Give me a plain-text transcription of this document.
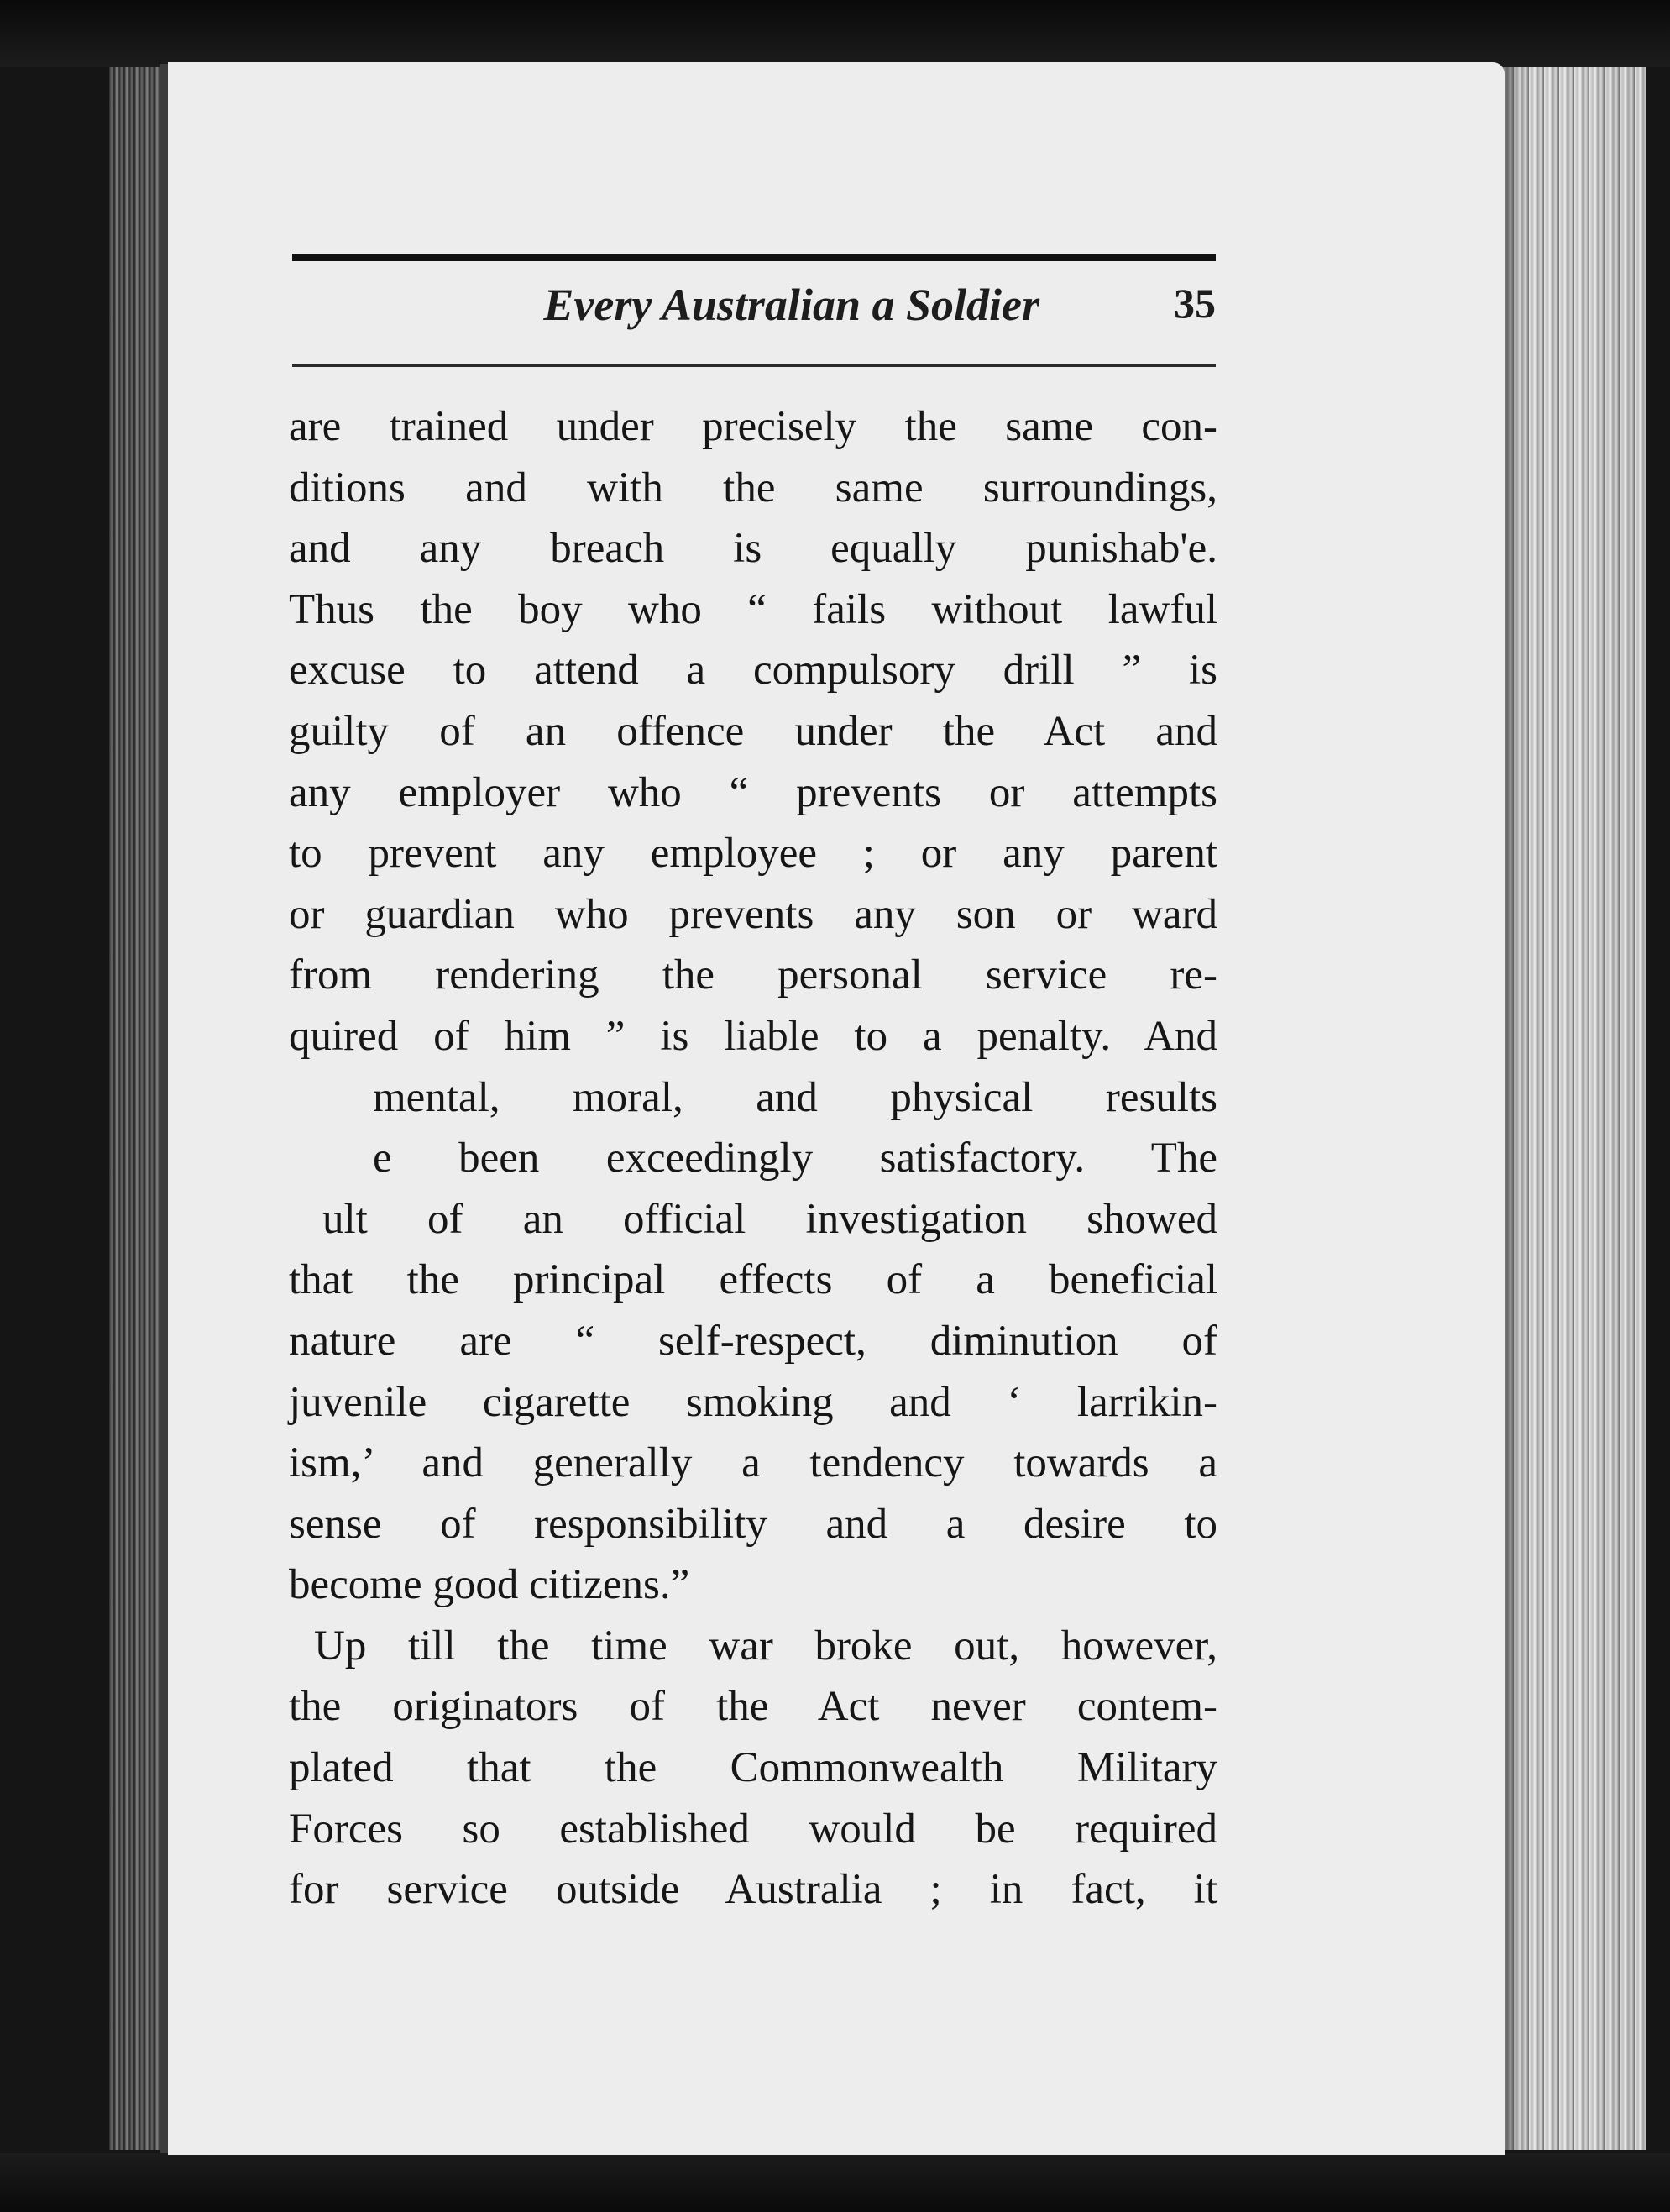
Every Australian a Soldier	35
are trained under precisely the same con-
ditions and with the same surroundings,
and any breach is equally punishab'e.
Thus the boy who “ fails without lawful
excuse to attend a compulsory drill ” is
guilty of an offence under the Act and
any employer who “ prevents or attempts
to prevent any employee ; or any parent
or guardian who prevents any son or ward
from rendering the personal service re-
quired of him ” is liable to a penalty. And
mental, moral, and physical results
e been exceedingly satisfactory. The
ult of an official investigation showed
that the principal effects of a beneficial
nature are “ self-respect, diminution of
juvenile cigarette smoking and ‘ larrikin-
ism,’ and generally a tendency towards a
sense of responsibility and a desire to
become good citizens.”
Up till the time war broke out, however,
the originators of the Act never contem-
plated that the Commonwealth Military
Forces so established would be required
for service outside Australia ; in fact, it
